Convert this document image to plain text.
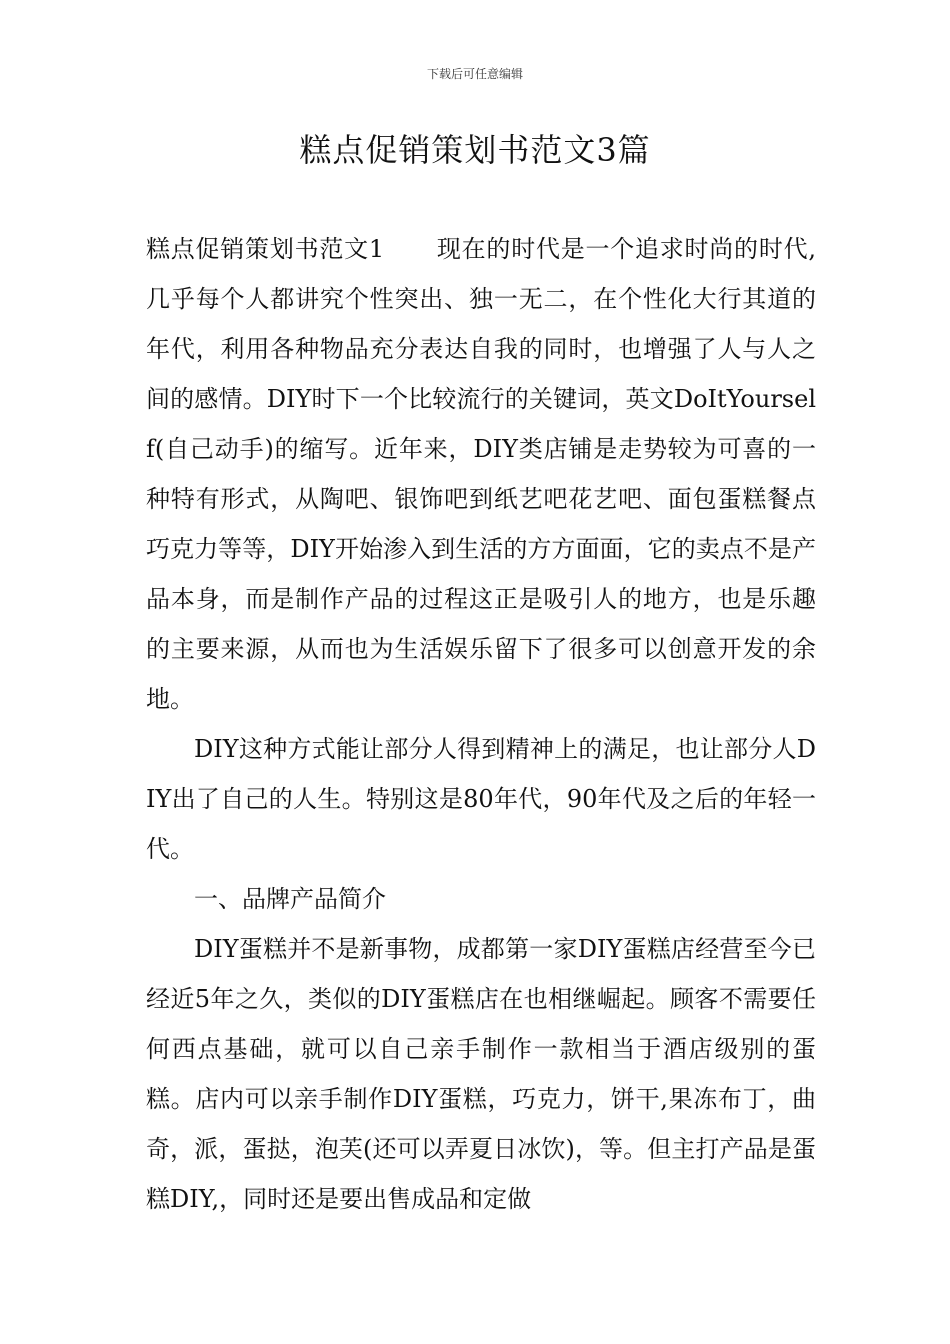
下载后可任意编辑
糕点促销策划书范文3篇

糕点促销策划书范文1 现在的时代是一个追求时尚的时代,几乎每个人都讲究个性突出、独一无二，在个性化大行其道的年代，利用各种物品充分表达自我的同时，也增强了人与人之间的感情。DIY时下一个比较流行的关键词，英文DoItYourself(自己动手)的缩写。近年来，DIY类店铺是走势较为可喜的一种特有形式，从陶吧、银饰吧到纸艺吧花艺吧、面包蛋糕餐点巧克力等等，DIY开始渗入到生活的方方面面，它的卖点不是产品本身，而是制作产品的过程这正是吸引人的地方，也是乐趣的主要来源，从而也为生活娱乐留下了很多可以创意开发的余地。

DIY这种方式能让部分人得到精神上的满足，也让部分人DIY出了自己的人生。特别这是80年代，90年代及之后的年轻一代。

一、品牌产品简介

DIY蛋糕并不是新事物，成都第一家DIY蛋糕店经营至今已经近5年之久，类似的DIY蛋糕店在也相继崛起。顾客不需要任何西点基础，就可以自己亲手制作一款相当于酒店级别的蛋糕。店内可以亲手制作DIY蛋糕，巧克力，饼干,果冻布丁，曲奇，派，蛋挞，泡芙(还可以弄夏日冰饮)，等。但主打产品是蛋糕DIY,，同时还是要出售成品和定做
